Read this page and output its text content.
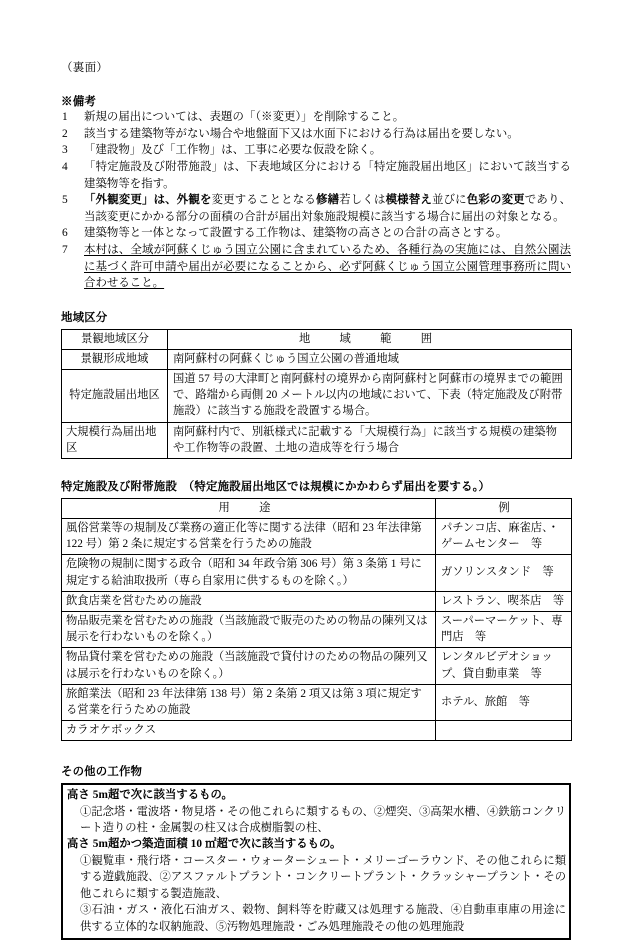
（裏面）
※備考
1	新規の届出については、表題の「（※変更）」を削除すること。
2	該当する建築物等がない場合や地盤面下又は水面下における行為は届出を要しない。
3	「建設物」及び「工作物」は、工事に必要な仮設を除く。
4	「特定施設及び附帯施設」は、下表地域区分における「特定施設届出地区」において該当する建築物等を指す。
5	「外観変更」は、外観を変更することとなる修繕若しくは模様替え並びに色彩の変更であり、当該変更にかかる部分の面積の合計が届出対象施設規模に該当する場合に届出の対象となる。
6	建築物等と一体となって設置する工作物は、建築物の高さとの合計の高さとする。
7	本村は、全域が阿蘇くじゅう国立公園に含まれているため、各種行為の実施には、自然公園法に基づく許可申請や届出が必要になることから、必ず阿蘇くじゅう国立公園管理事務所に問い合わせること。
地域区分
景観地域区分	地　域　範　囲
景観形成地域	南阿蘇村の阿蘇くじゅう国立公園の普通地域
特定施設届出地区	国道 57 号の大津町と南阿蘇村の境界から南阿蘇村と阿蘇市の境界までの範囲で、路端から両側 20 メートル以内の地域において、下表（特定施設及び附帯施設）に該当する施設を設置する場合。
大規模行為届出地区	南阿蘇村内で、別紙様式に記載する「大規模行為」に該当する規模の建築物や工作物等の設置、土地の造成等を行う場合
特定施設及び附帯施設　（特定施設届出地区では規模にかかわらず届出を要する。）
用　途	例
風俗営業等の規制及び業務の適正化等に関する法律（昭和 23 年法律第 122 号）第 2 条に規定する営業を行うための施設	パチンコ店、麻雀店、・ゲームセンター　等
危険物の規制に関する政令（昭和 34 年政令第 306 号）第 3 条第 1 号に規定する給油取扱所（専ら自家用に供するものを除く。）	ガソリンスタンド　等
飲食店業を営むための施設	レストラン、喫茶店　等
物品販売業を営むための施設（当該施設で販売のための物品の陳列又は展示を行わないものを除く。）	スーパーマーケット、専門店　等
物品貸付業を営むための施設（当該施設で貸付けのための物品の陳列又は展示を行わないものを除く。）	レンタルビデオショップ、貸自動車業　等
旅館業法（昭和 23 年法律第 138 号）第 2 条第 2 項又は第 3 項に規定する営業を行うための施設	ホテル、旅館　等
カラオケボックス	
その他の工作物
高さ 5m超で次に該当するもの。
①記念塔・電波塔・物見塔・その他これらに類するもの、②煙突、③高架水槽、④鉄筋コンクリート造りの柱・金属製の柱又は合成樹脂製の柱、
高さ 5m超かつ築造面積 10 ㎡超で次に該当するもの。
①観覧車・飛行塔・コースター・ウォーターシュート・メリーゴーラウンド、その他これらに類する遊戯施設、②アスファルトプラント・コンクリートプラント・クラッシャープラント・その他これらに類する製造施設、
③石油・ガス・液化石油ガス、穀物、飼料等を貯蔵又は処理する施設、④自動車車庫の用途に供する立体的な収納施設、⑤汚物処理施設・ごみ処理施設その他の処理施設
